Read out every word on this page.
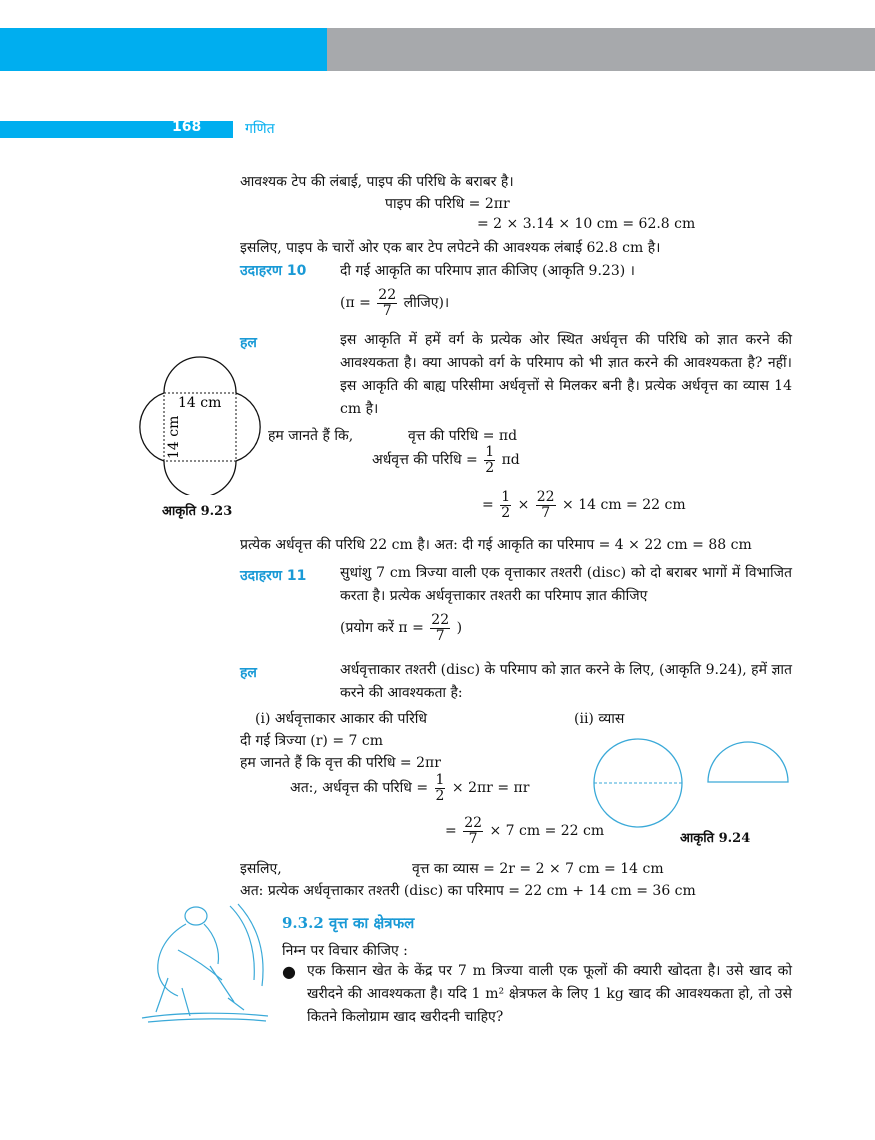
168	गणित
आवश्यक टेप की लंबाई, पाइप की परिधि के बराबर है।
पाइप की परिधि = 2πr
= 2 × 3.14 × 10 cm = 62.8 cm
इसलिए, पाइप के चारों ओर एक बार टेप लपेटने की आवश्यक लंबाई 62.8 cm है।
उदाहरण 10 दी गई आकृति का परिमाप ज्ञात कीजिए (आकृति 9.23) ।
($\pi = \frac{22}{7}$ लीजिए)।
हल	इस आकृति में हमें वर्ग के प्रत्येक ओर स्थित अर्धवृत्त की परिधि को ज्ञात करने की आवश्यकता है। क्या आपको वर्ग के परिमाप को भी ज्ञात करने की आवश्यकता है? नहीं। इस आकृति की बाह्य परिसीमा अर्धवृत्तों से मिलकर बनी है। प्रत्येक अर्धवृत्त का व्यास 14 cm है।
14 cm
14 cm
आकृति 9.23
हम जानते हैं कि,	वृत्त की परिधि = πd
अर्धवृत्त की परिधि = $\frac{1}{2}$ πd
= $\frac{1}{2} \times \frac{22}{7} \times 14$ cm = 22 cm
प्रत्येक अर्धवृत्त की परिधि 22 cm है। अत: दी गई आकृति का परिमाप = 4 × 22 cm = 88 cm
उदाहरण 11 सुधांशु 7 cm त्रिज्या वाली एक वृत्ताकार तश्तरी (disc) को दो बराबर भागों में विभाजित करता है। प्रत्येक अर्धवृत्ताकार तश्तरी का परिमाप ज्ञात कीजिए
(प्रयोग करें $\pi = \frac{22}{7}$ )
हल	अर्धवृत्ताकार तश्तरी (disc) के परिमाप को ज्ञात करने के लिए, (आकृति 9.24), हमें ज्ञात करने की आवश्यकता है:
(i) अर्धवृत्ताकार आकार की परिधि	(ii) व्यास
दी गई त्रिज्या (r) = 7 cm
हम जानते हैं कि वृत्त की परिधि = 2πr
अत:, अर्धवृत्त की परिधि = $\frac{1}{2} \times 2\pi r = \pi r$
= $\frac{22}{7} \times 7$ cm = 22 cm	आकृति 9.24
इसलिए,	वृत्त का व्यास = 2r = 2 × 7 cm = 14 cm
अत: प्रत्येक अर्धवृत्ताकार तश्तरी (disc) का परिमाप = 22 cm + 14 cm = 36 cm
9.3.2 वृत्त का क्षेत्रफल
निम्न पर विचार कीजिए :
● एक किसान खेत के केंद्र पर 7 m त्रिज्या वाली एक फूलों की क्यारी खोदता है। उसे खाद को खरीदने की आवश्यकता है। यदि 1 m² क्षेत्रफल के लिए 1 kg खाद की आवश्यकता हो, तो उसे कितने किलोग्राम खाद खरीदनी चाहिए?
